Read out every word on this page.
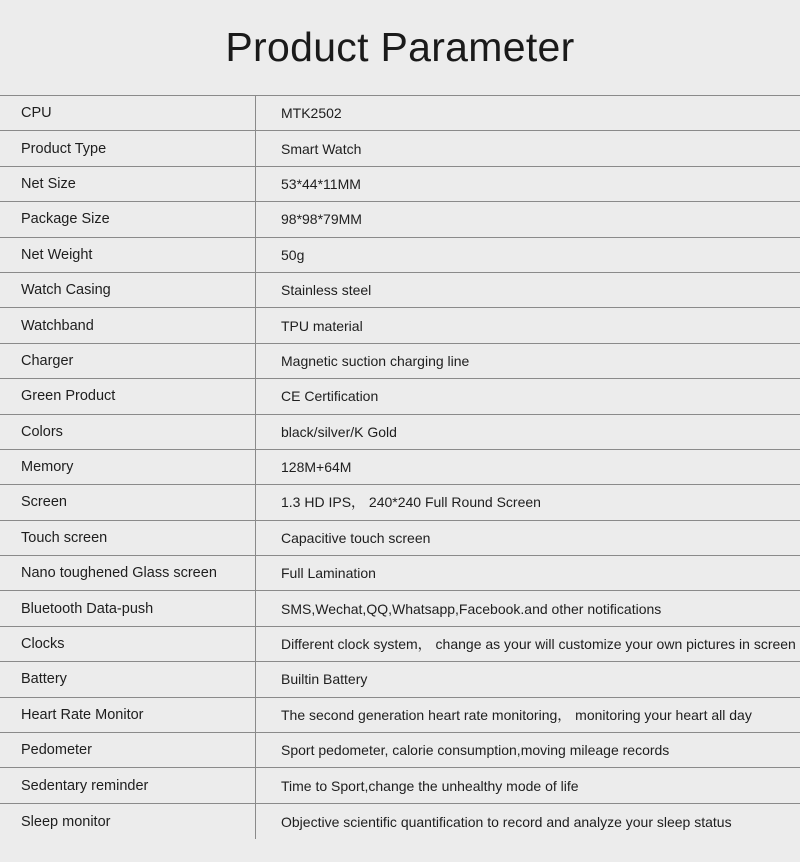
Product Parameter
CPU	MTK2502
Product Type	Smart Watch
Net Size	53*44*11MM
Package Size	98*98*79MM
Net Weight	50g
Watch Casing	Stainless steel
Watchband	TPU material
Charger	Magnetic suction charging line
Green Product	CE Certification
Colors	black/silver/K Gold
Memory	128M+64M
Screen	1.3 HD IPS， 240*240 Full Round Screen
Touch screen	Capacitive touch screen
Nano toughened Glass screen	Full Lamination
Bluetooth Data-push	SMS,Wechat,QQ,Whatsapp,Facebook.and other notifications
Clocks	Different clock system， change as your will customize your own pictures in screen
Battery	Builtin Battery
Heart Rate Monitor	The second generation heart rate monitoring， monitoring your heart all day
Pedometer	Sport pedometer, calorie consumption,moving mileage records
Sedentary reminder	Time to Sport,change the unhealthy mode of life
Sleep monitor	Objective scientific quantification to record and analyze your sleep status
